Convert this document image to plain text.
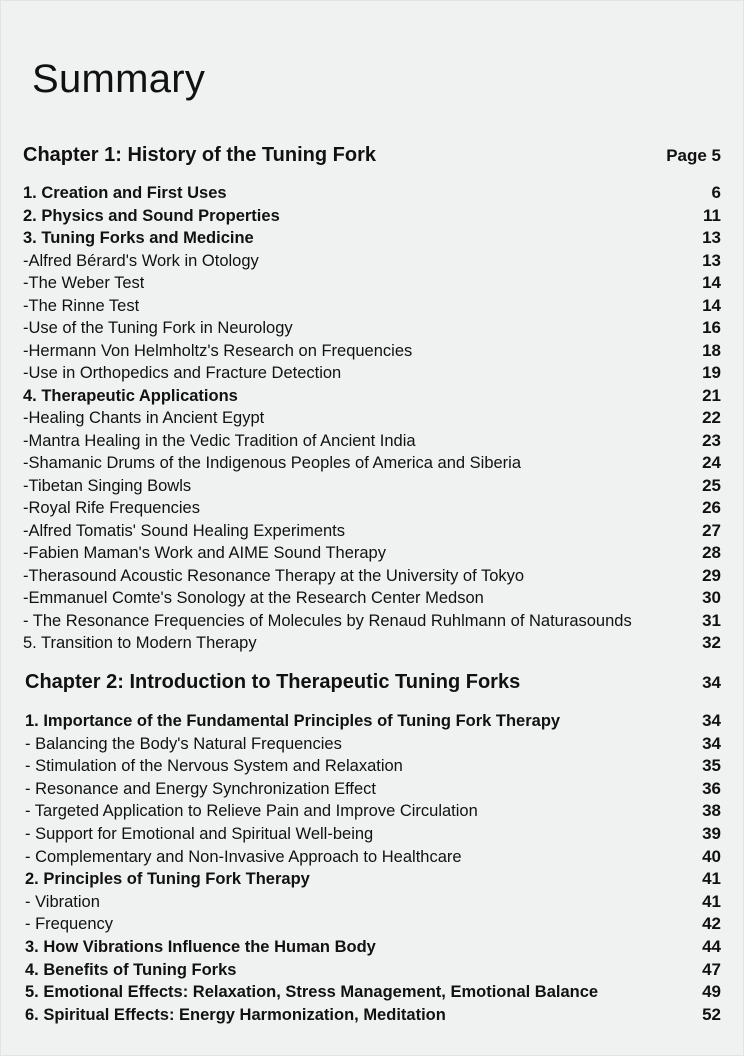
Summary
Chapter 1: History of the Tuning Fork	Page 5
1. Creation and First Uses	6
2. Physics and Sound Properties	11
3. Tuning Forks and Medicine	13
-Alfred Bérard's Work in Otology	13
-The Weber Test	14
-The Rinne Test	14
-Use of the Tuning Fork in Neurology	16
-Hermann Von Helmholtz's Research on Frequencies	18
-Use in Orthopedics and Fracture Detection	19
4. Therapeutic Applications	21
-Healing Chants in Ancient Egypt	22
-Mantra Healing in the Vedic Tradition of Ancient India	23
-Shamanic Drums of the Indigenous Peoples of America and Siberia	24
-Tibetan Singing Bowls	25
-Royal Rife Frequencies	26
-Alfred Tomatis' Sound Healing Experiments	27
-Fabien Maman's Work and AIME Sound Therapy	28
-Therasound Acoustic Resonance Therapy at the University of Tokyo	29
-Emmanuel Comte's Sonology at the Research Center Medson	30
- The Resonance Frequencies of Molecules by Renaud Ruhlmann of Naturasounds	31
5. Transition to Modern Therapy	32
Chapter 2: Introduction to Therapeutic Tuning Forks	34
1. Importance of the Fundamental Principles of Tuning Fork Therapy	34
- Balancing the Body's Natural Frequencies	34
- Stimulation of the Nervous System and Relaxation	35
- Resonance and Energy Synchronization Effect	36
- Targeted Application to Relieve Pain and Improve Circulation	38
- Support for Emotional and Spiritual Well-being	39
- Complementary and Non-Invasive Approach to Healthcare	40
2. Principles of Tuning Fork Therapy	41
- Vibration	41
- Frequency	42
3. How Vibrations Influence the Human Body	44
4. Benefits of Tuning Forks	47
5. Emotional Effects: Relaxation, Stress Management, Emotional Balance	49
6. Spiritual Effects: Energy Harmonization, Meditation	52
